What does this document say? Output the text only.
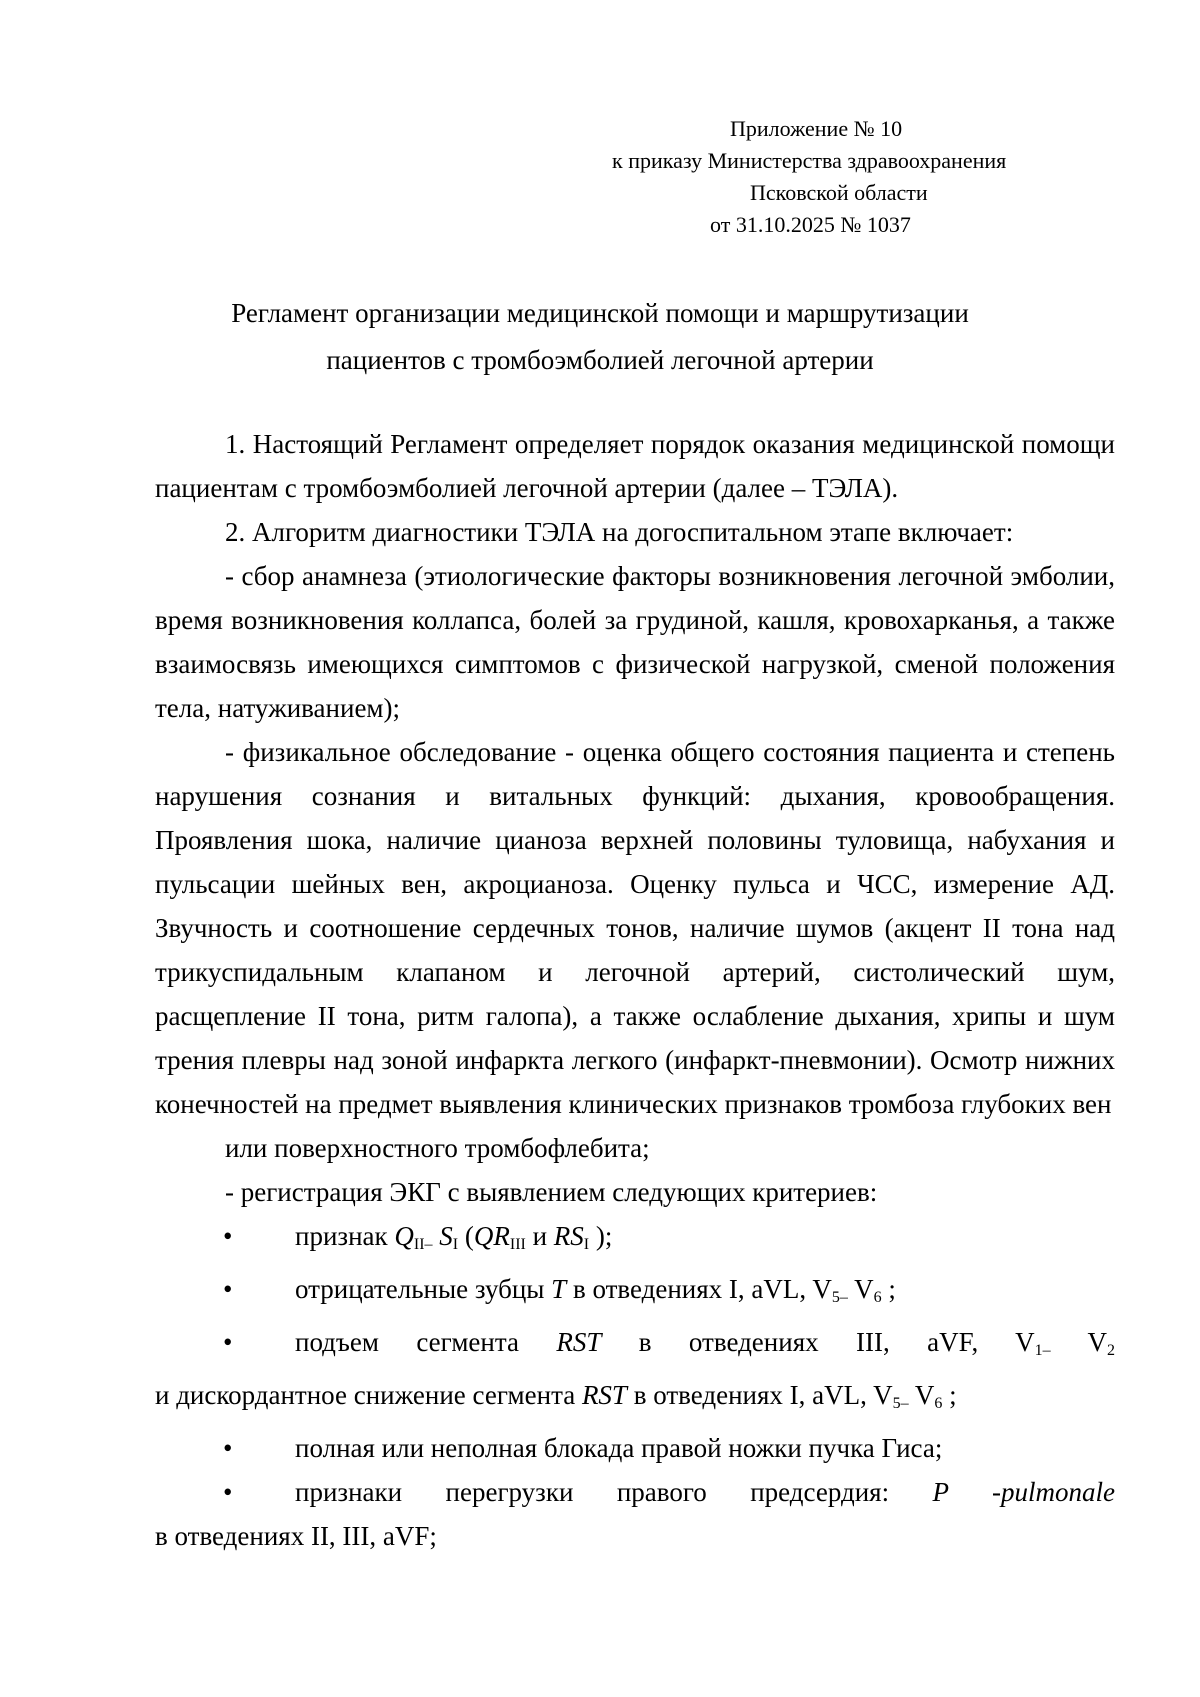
Приложение № 10
к приказу Министерства здравоохранения
Псковской области
от 31.10.2025 № 1037
Регламент организации медицинской помощи и маршрутизации
пациентов с тромбоэмболией легочной артерии
1. Настоящий Регламент определяет порядок оказания медицинской помощи пациентам с тромбоэмболией легочной артерии (далее – ТЭЛА).
2. Алгоритм диагностики ТЭЛА на догоспитальном этапе включает:
- сбор анамнеза (этиологические факторы возникновения легочной эмболии, время возникновения коллапса, болей за грудиной, кашля, кровохарканья, а также взаимосвязь имеющихся симптомов с физической нагрузкой, сменой положения тела, натуживанием);
- физикальное обследование - оценка общего состояния пациента и степень нарушения сознания и витальных функций: дыхания, кровообращения. Проявления шока, наличие цианоза верхней половины туловища, набухания и пульсации шейных вен, акроцианоза. Оценку пульса и ЧСС, измерение АД. Звучность и соотношение сердечных тонов, наличие шумов (акцент II тона над трикуспидальным клапаном и легочной артерий, систолический шум, расщепление II тона, ритм галопа), а также ослабление дыхания, хрипы и шум трения плевры над зоной инфаркта легкого (инфаркт-пневмонии). Осмотр нижних конечностей на предмет выявления клинических признаков тромбоза глубоких вен
или поверхностного тромбофлебита;
- регистрация ЭКГ с выявлением следующих критериев:
• признак $Q_{II-}$ $S_I$ ($QR_{III}$ и $RS_I$ );
• отрицательные зубцы T в отведениях I, aVL, $V_{5-}$ $V_6$ ;
• подъем сегмента RST в отведениях III, aVF, $V_{1-}$ $V_2$
и дискордантное снижение сегмента RST в отведениях I, aVL, $V_{5-}$ $V_6$ ;
• полная или неполная блокада правой ножки пучка Гиса;
• признаки перегрузки правого предсердия: P -pulmonale
в отведениях II, III, aVF;
